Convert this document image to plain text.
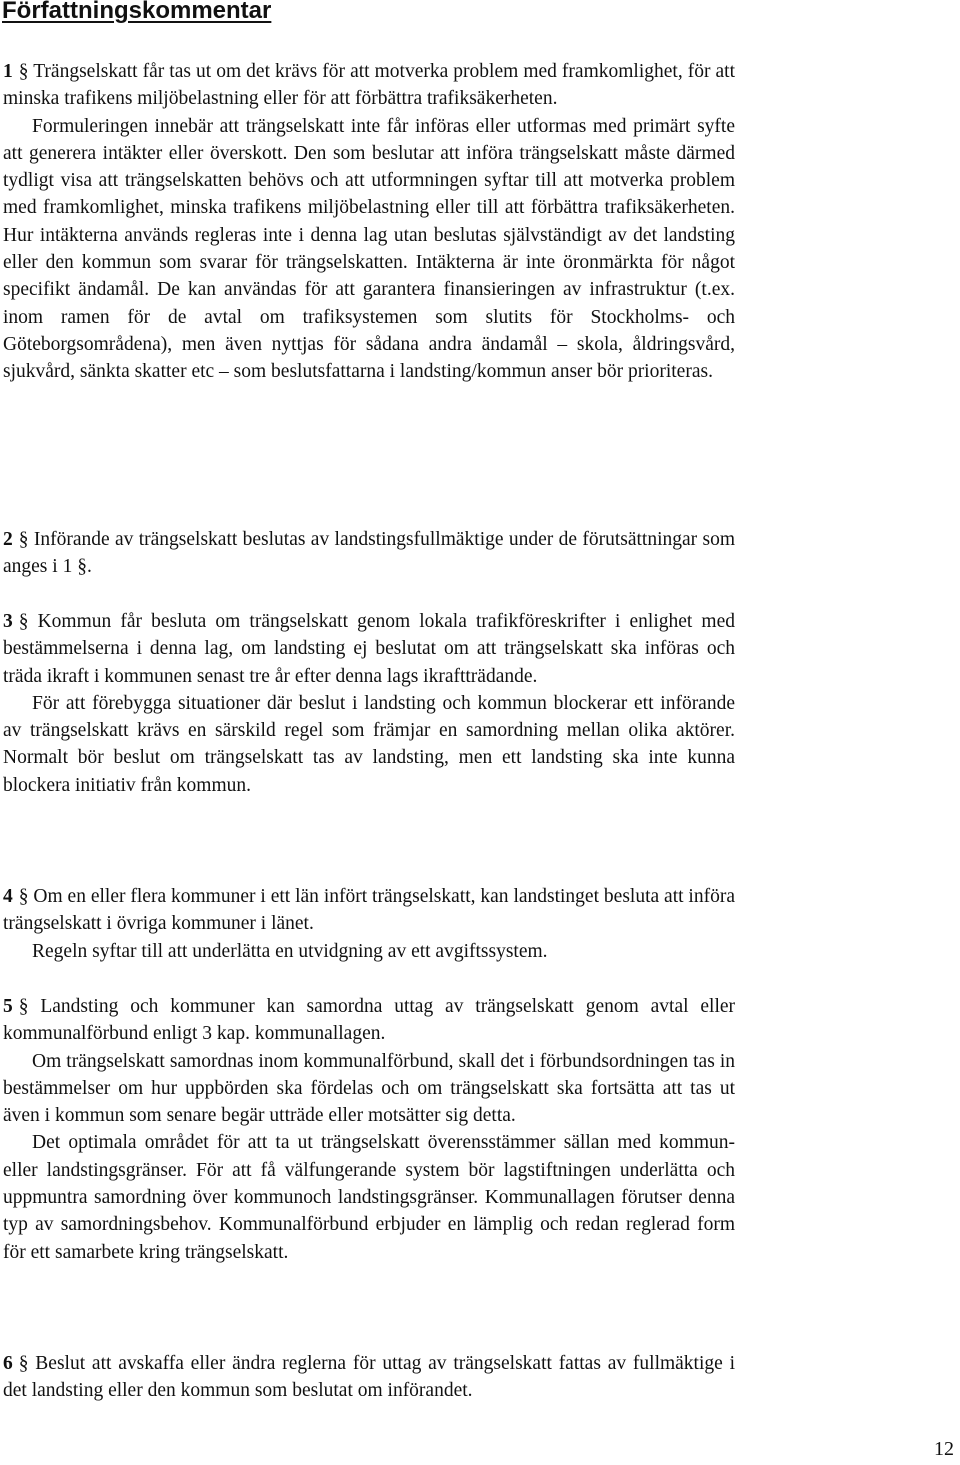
Författningskommentar

1 § Trängselskatt får tas ut om det krävs för att motverka problem med framkomlighet, för att minska trafikens miljöbelastning eller för att förbättra trafiksäkerheten.

Formuleringen innebär att trängselskatt inte får införas eller utformas med primärt syfte att generera intäkter eller överskott. Den som beslutar att införa trängselskatt måste därmed tydligt visa att trängselskatten behövs och att utformningen syftar till att motverka problem med framkomlighet, minska trafikens miljöbelastning eller till att förbättra trafiksäkerheten. Hur intäkterna används regleras inte i denna lag utan beslutas självständigt av det landsting eller den kommun som svarar för trängselskatten. Intäkterna är inte öronmärkta för något specifikt ändamål. De kan användas för att garantera finansieringen av infrastruktur (t.ex. inom ramen för de avtal om trafiksystemen som slutits för Stockholms- och Göteborgsområdena), men även nyttjas för sådana andra ändamål – skola, åldringsvård, sjukvård, sänkta skatter etc – som beslutsfattarna i landsting/kommun anser bör prioriteras.

2 § Införande av trängselskatt beslutas av landstingsfullmäktige under de förutsättningar som anges i 1 §.

3 § Kommun får besluta om trängselskatt genom lokala trafikföreskrifter i enlighet med bestämmelserna i denna lag, om landsting ej beslutat om att trängselskatt ska införas och träda ikraft i kommunen senast tre år efter denna lags ikraftträdande.

För att förebygga situationer där beslut i landsting och kommun blockerar ett införande av trängselskatt krävs en särskild regel som främjar en samordning mellan olika aktörer. Normalt bör beslut om trängselskatt tas av landsting, men ett landsting ska inte kunna blockera initiativ från kommun.

4 § Om en eller flera kommuner i ett län infört trängselskatt, kan landstinget besluta att införa trängselskatt i övriga kommuner i länet.

Regeln syftar till att underlätta en utvidgning av ett avgiftssystem.

5 § Landsting och kommuner kan samordna uttag av trängselskatt genom avtal eller kommunalförbund enligt 3 kap. kommunallagen.

Om trängselskatt samordnas inom kommunalförbund, skall det i förbundsordningen tas in bestämmelser om hur uppbörden ska fördelas och om trängselskatt ska fortsätta att tas ut även i kommun som senare begär utträde eller motsätter sig detta.

Det optimala området för att ta ut trängselskatt överensstämmer sällan med kommun- eller landstingsgränser. För att få välfungerande system bör lagstiftningen underlätta och uppmuntra samordning över kommunoch landstingsgränser. Kommunallagen förutser denna typ av samordningsbehov. Kommunalförbund erbjuder en lämplig och redan reglerad form för ett samarbete kring trängselskatt.

6 § Beslut att avskaffa eller ändra reglerna för uttag av trängselskatt fattas av fullmäktige i det landsting eller den kommun som beslutat om införandet.

12
